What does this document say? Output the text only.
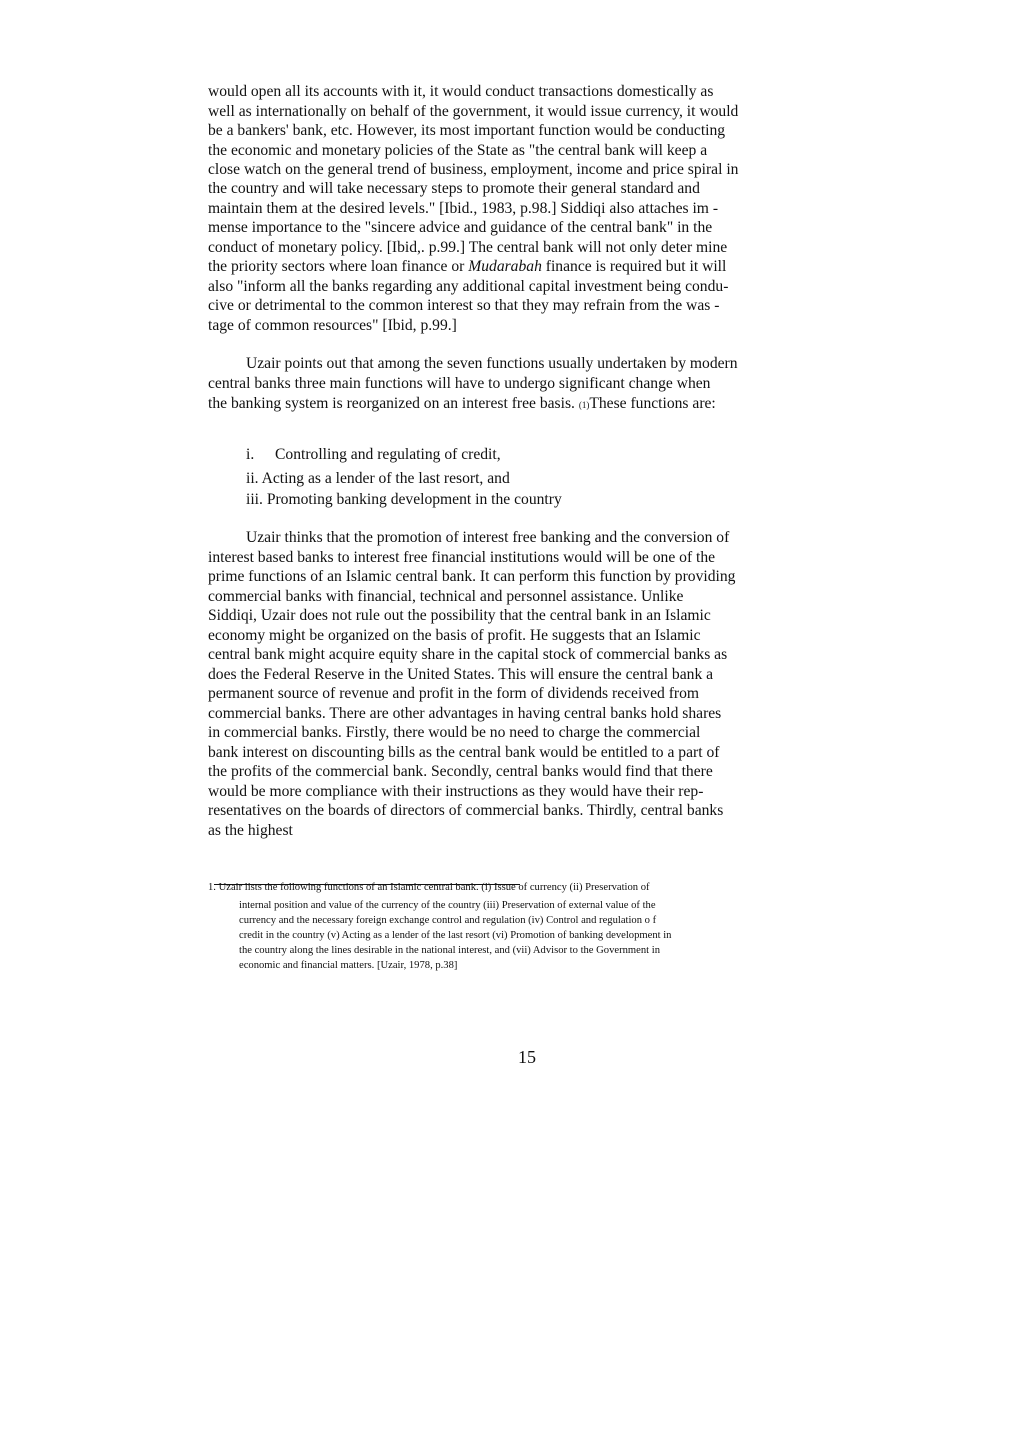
would open all its accounts with it, it would conduct transactions domestically as
well as internationally on behalf of the government, it would issue currency, it would
be a bankers' bank, etc. However, its most important function would be conducting
the economic and monetary policies of the State as "the central bank will keep a
close watch on the general trend of business, employment, income and price spiral in
the country and will take necessary steps to promote their general standard and
maintain them at the desired levels." [Ibid., 1983, p.98.] Siddiqi also attaches im -
mense importance to the "sincere advice and guidance of the central bank" in the
conduct of monetary policy. [Ibid,. p.99.] The central bank will not only deter mine
the priority sectors where loan finance or Mudarabah finance is required but it will
also "inform all the banks regarding any additional capital investment being condu-
cive or detrimental to the common interest so that they may refrain from the was -
tage of common resources" [Ibid, p.99.]
Uzair points out that among the seven functions usually undertaken by modern
central banks three main functions will have to undergo significant change when
the banking system is reorganized on an interest free basis. (1)These functions are:
i. Controlling and regulating of credit,
ii. Acting as a lender of the last resort, and
iii. Promoting banking development in the country
Uzair thinks that the promotion of interest free banking and the conversion of
interest based banks to interest free financial institutions would will be one of the
prime functions of an Islamic central bank. It can perform this function by providing
commercial banks with financial, technical and personnel assistance. Unlike
Siddiqi, Uzair does not rule out the possibility that the central bank in an Islamic
economy might be organized on the basis of profit. He suggests that an Islamic
central bank might acquire equity share in the capital stock of commercial banks as
does the Federal Reserve in the United States. This will ensure the central bank a
permanent source of revenue and profit in the form of dividends received from
commercial banks. There are other advantages in having central banks hold shares
in commercial banks. Firstly, there would be no need to charge the commercial
bank interest on discounting bills as the central bank would be entitled to a part of
the profits of the commercial bank. Secondly, central banks would find that there
would be more compliance with their instructions as they would have their rep-
resentatives on the boards of directors of commercial banks. Thirdly, central banks
as the highest
1. Uzair lists the following functions of an Islamic central bank. (i) Issue of currency (ii) Preservation of
internal position and value of the currency of the country (iii) Preservation of external value of the
currency and the necessary foreign exchange control and regulation (iv) Control and regulation o f
credit in the country (v) Acting as a lender of the last resort (vi) Promotion of banking development in
the country along the lines desirable in the national interest, and (vii) Advisor to the Government in
economic and financial matters. [Uzair, 1978, p.38]
15
